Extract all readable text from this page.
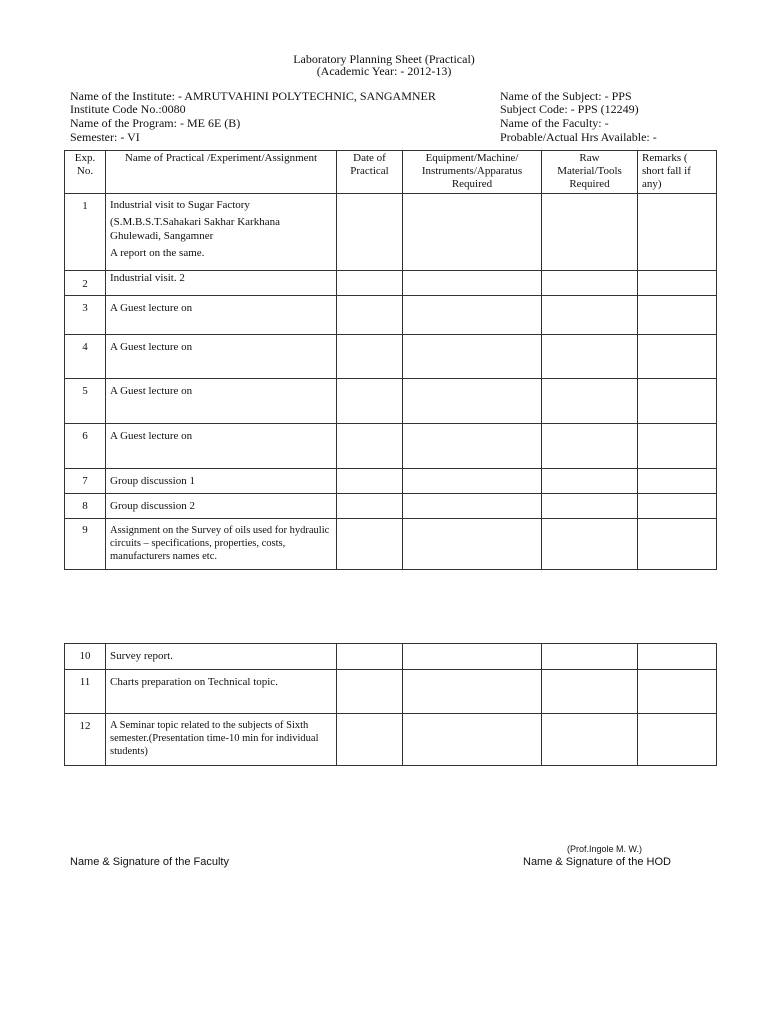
Laboratory Planning Sheet (Practical)
(Academic Year: - 2012-13)
Name of the Institute: - AMRUTVAHINI POLYTECHNIC, SANGAMNER
Institute Code No.:0080
Name of the Program: - ME 6E (B)
Semester: - VI
Name of the Subject: - PPS
Subject Code: - PPS (12249)
Name of the Faculty: -
Probable/Actual Hrs Available: -
Exp. No.	Name of Practical /Experiment/Assignment	Date of Practical	Equipment/Machine/ Instruments/Apparatus Required	Raw Material/Tools Required	Remarks ( short fall if any)
1	Industrial visit to Sugar Factory
(S.M.B.S.T.Sahakari Sakhar Karkhana Ghulewadi, Sangamner
A report on the same.				

2	Industrial visit. 2				
3	A Guest lecture on				
4	A Guest lecture on				
5	A Guest lecture on				
6	A Guest lecture on				
7	Group discussion 1				
8	Group discussion 2				
9	Assignment on the Survey of oils used for hydraulic circuits – specifications, properties, costs, manufacturers names etc.				
10	Survey report.				
11	Charts preparation on Technical topic.				
12	A Seminar topic related to the subjects of Sixth semester.(Presentation time-10 min for individual students)				
(Prof.Ingole M. W.)
Name & Signature of the Faculty	Name & Signature of the HOD
